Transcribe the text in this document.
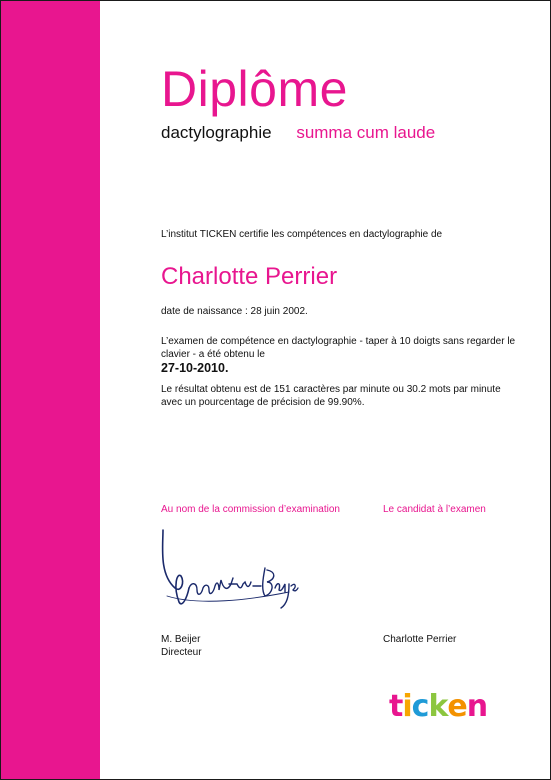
Diplôme
dactylographie summa cum laude
L’institut TICKEN certifie les compétences en dactylographie de
Charlotte Perrier
date de naissance : 28 juin 2002.
L’examen de compétence en dactylographie - taper à 10 doigts sans regarder le clavier - a été obtenu le
27-10-2010.
Le résultat obtenu est de 151 caractères par minute ou 30.2 mots par minute avec un pourcentage de précision de 99.90%.
Au nom de la commission d’examination	Le candidat à l’examen
M. Beijer
Directeur
Charlotte Perrier
ticken
